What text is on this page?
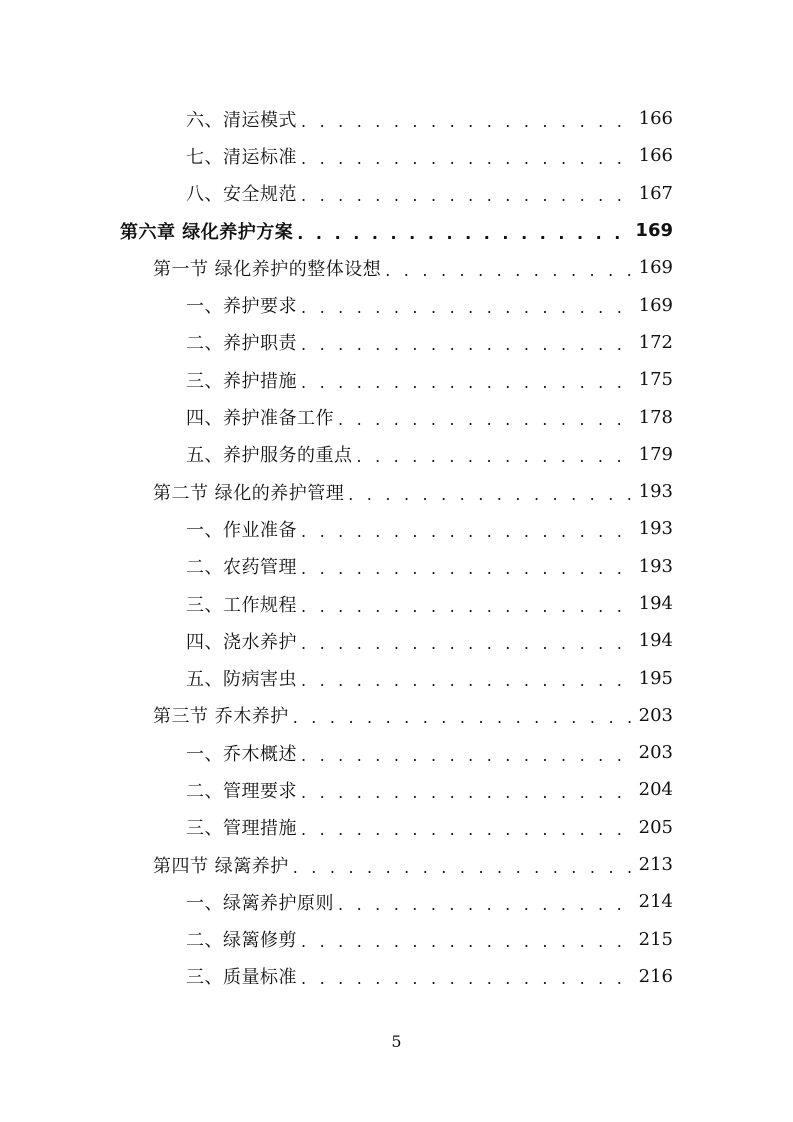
六、清运模式 . . .	166
七、清运标准 . . .	166
八、安全规范 . . .	167
第六章 绿化养护方案 . . .	169
第一节 绿化养护的整体设想 . . .	169
一、养护要求 . . .	169
二、养护职责 . . .	172
三、养护措施 . . .	175
四、养护准备工作 . . .	178
五、养护服务的重点 . . .	179
第二节 绿化的养护管理 . . .	193
一、作业准备 . . .	193
二、农药管理 . . .	193
三、工作规程 . . .	194
四、浇水养护 . . .	194
五、防病害虫 . . .	195
第三节 乔木养护 . . .	203
一、乔木概述 . . .	203
二、管理要求 . . .	204
三、管理措施 . . .	205
第四节 绿篱养护 . . .	213
一、绿篱养护原则 . . .	214
二、绿篱修剪 . . .	215
三、质量标准 . . .	216
5
